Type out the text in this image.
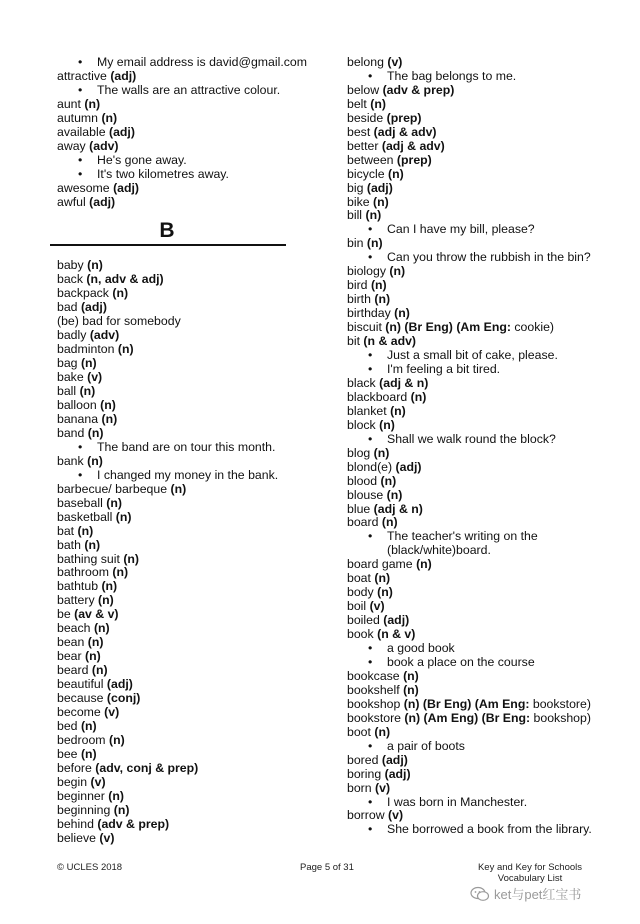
• My email address is david@gmail.com
attractive (adj)
• The walls are an attractive colour.
aunt (n)
autumn (n)
available (adj)
away (adv)
• He's gone away.
• It's two kilometres away.
awesome (adj)
awful (adj)
B
baby (n)
back (n, adv & adj)
backpack (n)
bad (adj)
(be) bad for somebody
badly (adv)
badminton (n)
bag (n)
bake (v)
ball (n)
balloon (n)
banana (n)
band (n)
• The band are on tour this month.
bank (n)
• I changed my money in the bank.
barbecue/ barbeque (n)
baseball (n)
basketball (n)
bat (n)
bath (n)
bathing suit (n)
bathroom (n)
bathtub (n)
battery (n)
be (av & v)
beach (n)
bean (n)
bear (n)
beard (n)
beautiful (adj)
because (conj)
become (v)
bed (n)
bedroom (n)
bee (n)
before (adv, conj & prep)
begin (v)
beginner (n)
beginning (n)
behind (adv & prep)
believe (v)
belong (v)
• The bag belongs to me.
below (adv & prep)
belt (n)
beside (prep)
best (adj & adv)
better (adj & adv)
between (prep)
bicycle (n)
big (adj)
bike (n)
bill (n)
• Can I have my bill, please?
bin (n)
• Can you throw the rubbish in the bin?
biology (n)
bird (n)
birth (n)
birthday (n)
biscuit (n) (Br Eng) (Am Eng: cookie)
bit (n & adv)
• Just a small bit of cake, please.
• I'm feeling a bit tired.
black (adj & n)
blackboard (n)
blanket (n)
block (n)
• Shall we walk round the block?
blog (n)
blond(e) (adj)
blood (n)
blouse (n)
blue (adj & n)
board (n)
• The teacher's writing on the
(black/white)board.
board game (n)
boat (n)
body (n)
boil (v)
boiled (adj)
book (n & v)
• a good book
• book a place on the course
bookcase (n)
bookshelf (n)
bookshop (n) (Br Eng) (Am Eng: bookstore)
bookstore (n) (Am Eng) (Br Eng: bookshop)
boot (n)
• a pair of boots
bored (adj)
boring (adj)
born (v)
• I was born in Manchester.
borrow (v)
• She borrowed a book from the library.
© UCLES 2018	Page 5 of 31	Key and Key for Schools
Vocabulary List
ket与pet红宝书
